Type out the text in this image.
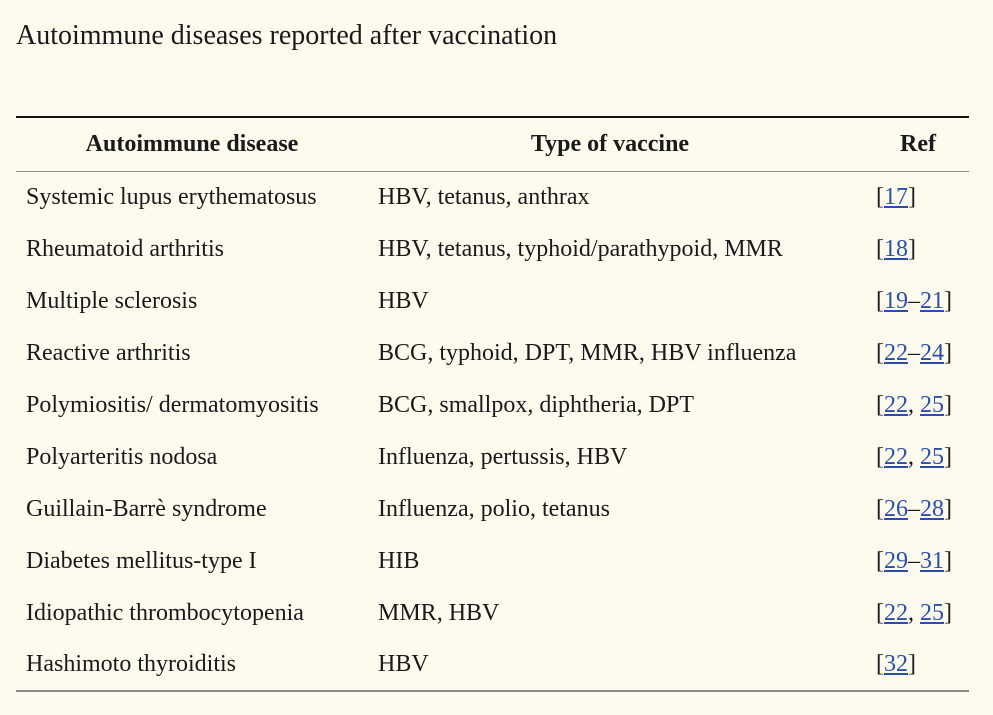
Autoimmune diseases reported after vaccination
Autoimmune disease	Type of vaccine	Ref
Systemic lupus erythematosus	HBV, tetanus, anthrax	[17]
Rheumatoid arthritis	HBV, tetanus, typhoid/parathypoid, MMR	[18]
Multiple sclerosis	HBV	[19–21]
Reactive arthritis	BCG, typhoid, DPT, MMR, HBV influenza	[22–24]
Polymiositis/ dermatomyositis	BCG, smallpox, diphtheria, DPT	[22, 25]
Polyarteritis nodosa	Influenza, pertussis, HBV	[22, 25]
Guillain-Barrè syndrome	Influenza, polio, tetanus	[26–28]
Diabetes mellitus-type I	HIB	[29–31]
Idiopathic thrombocytopenia	MMR, HBV	[22, 25]
Hashimoto thyroiditis	HBV	[32]
